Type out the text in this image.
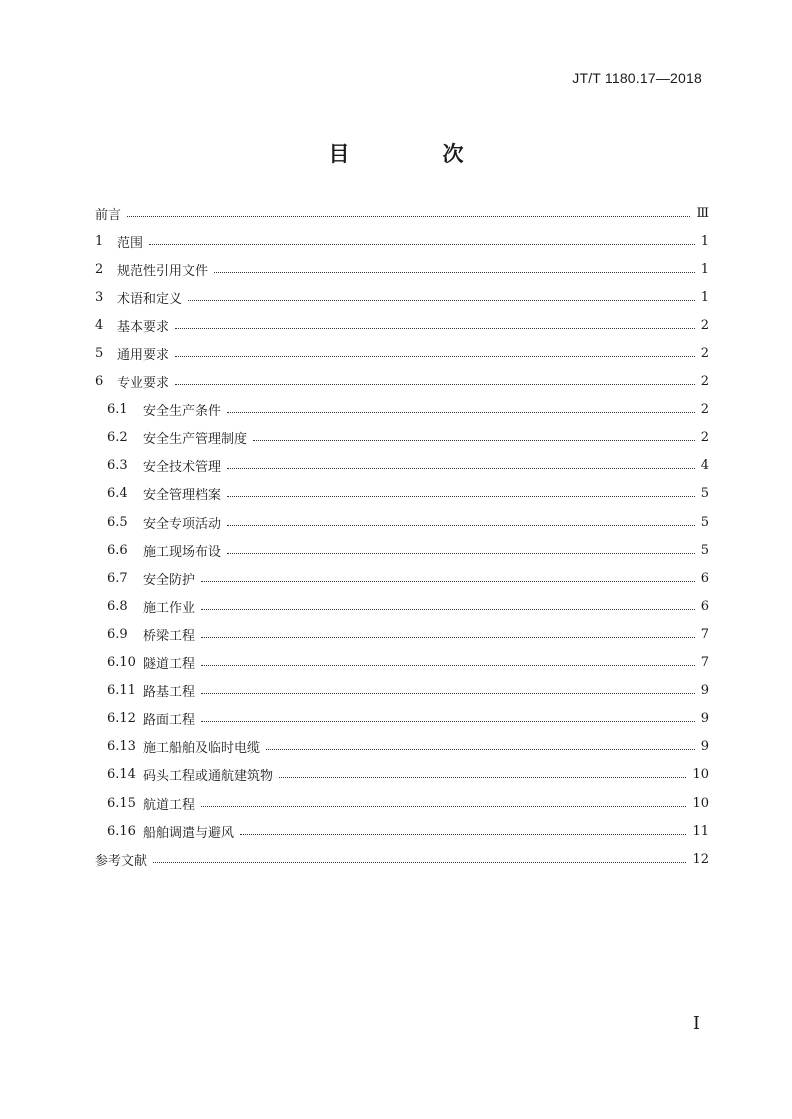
JT/T 1180.17—2018
目　次
前言	Ⅲ
1	范围	1
2	规范性引用文件	1
3	术语和定义	1
4	基本要求	2
5	通用要求	2
6	专业要求	2
6.1	安全生产条件	2
6.2	安全生产管理制度	2
6.3	安全技术管理	4
6.4	安全管理档案	5
6.5	安全专项活动	5
6.6	施工现场布设	5
6.7	安全防护	6
6.8	施工作业	6
6.9	桥梁工程	7
6.10 隧道工程	7
6.11 路基工程	9
6.12 路面工程	9
6.13 施工船舶及临时电缆	9
6.14 码头工程或通航建筑物	10
6.15 航道工程	10
6.16 船舶调遣与避风	11
参考文献	12
I
